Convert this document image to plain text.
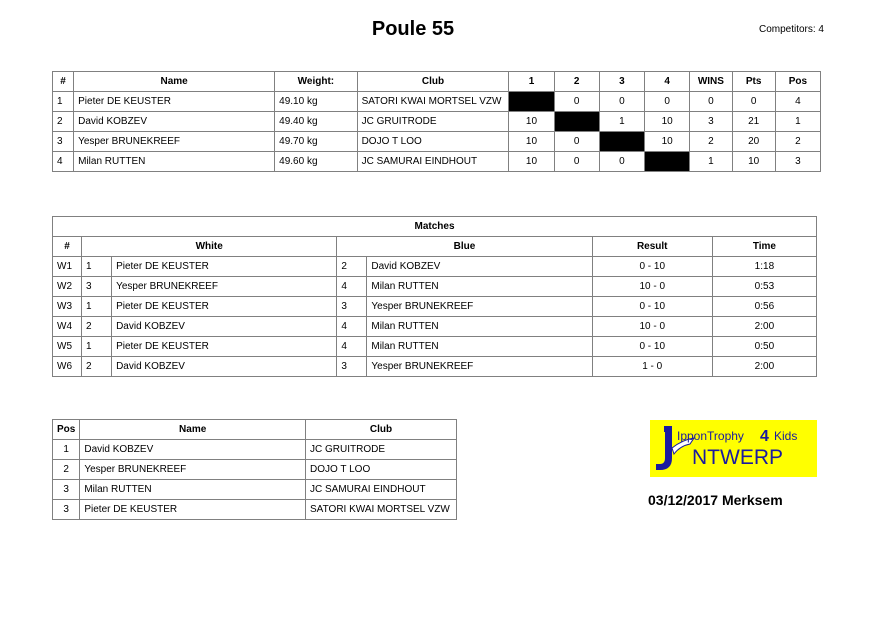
Poule 55	Competitors: 4
#	Name	Weight:	Club	1	2	3	4	WINS	Pts	Pos
1	Pieter DE KEUSTER	49.10 kg	SATORI KWAI MORTSEL VZW		0	0	0	0	0	4
2	David KOBZEV	49.40 kg	JC GRUITRODE	10		1	10	3	21	1
3	Yesper BRUNEKREEF	49.70 kg	DOJO T LOO	10	0		10	2	20	2
4	Milan RUTTEN	49.60 kg	JC SAMURAI EINDHOUT	10	0	0		1	10	3
Matches						
#	White		Blue		Result	Time
W1	1	Pieter DE KEUSTER	2	David KOBZEV	0 - 10	1:18
W2	3	Yesper BRUNEKREEF	4	Milan RUTTEN	10 - 0	0:53
W3	1	Pieter DE KEUSTER	3	Yesper BRUNEKREEF	0 - 10	0:56
W4	2	David KOBZEV	4	Milan RUTTEN	10 - 0	2:00
W5	1	Pieter DE KEUSTER	4	Milan RUTTEN	0 - 10	0:50
W6	2	David KOBZEV	3	Yesper BRUNEKREEF	1 - 0	2:00
Pos	Name	Club
1	David KOBZEV	JC GRUITRODE
2	Yesper BRUNEKREEF	DOJO T LOO
3	Milan RUTTEN	JC SAMURAI EINDHOUT
3	Pieter DE KEUSTER	SATORI KWAI MORTSEL VZW
IpponTrophy 4 Kids
NTWERP
03/12/2017 Merksem
